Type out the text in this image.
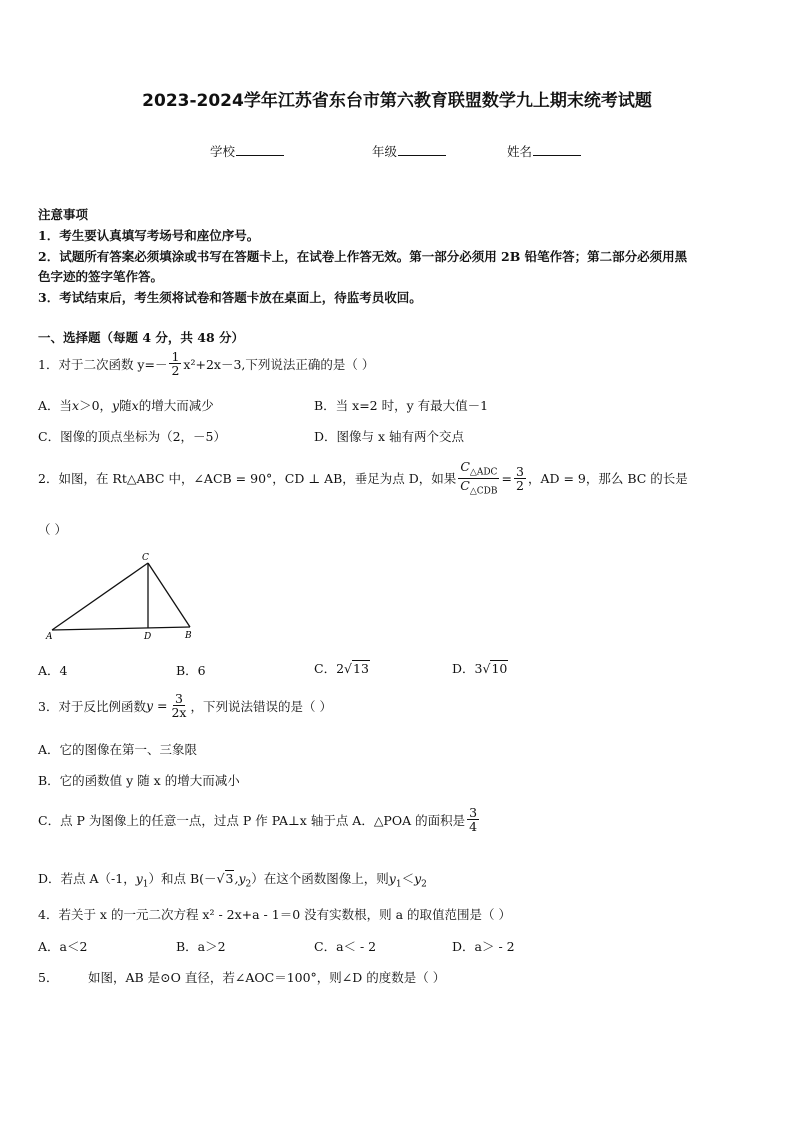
2023-2024学年江苏省东台市第六教育联盟数学九上期末统考试题
学校	年级	姓名
注意事项
1．考生要认真填写考场号和座位序号。
2．试题所有答案必须填涂或书写在答题卡上，在试卷上作答无效。第一部分必须用 2B 铅笔作答；第二部分必须用黑
色字迹的签字笔作答。
3．考试结束后，考生须将试卷和答题卡放在桌面上，待监考员收回。
一、选择题（每题 4 分，共 48 分）
1．对于二次函数 $y=- \frac{1}{2} x^2+2x-3$,下列说法正确的是（ ）
A．当x＞0，y随x的增大而减少	B．当 x=2 时，y 有最大值－1
C．图像的顶点坐标为（2，－5）	D．图像与 x 轴有两个交点
2．如图，在 Rt△ABC 中，∠ACB = 90°，CD ⊥ AB，垂足为点 D，如果 $\frac{C_{\triangle ADC}}{C_{\triangle CDB}} = \frac{3}{2}$ ，AD = 9，那么 BC 的长是
（ ）
C
A	D	B
A．4	B．6	C．2√13	D．3√10
3．对于反比例函数 $y = \frac{3}{2x}$ ，下列说法错误的是（ ）
A．它的图像在第一、三象限
B．它的函数值 y 随 x 的增大而减小
C．点 P 为图像上的任意一点，过点 P 作 PA⊥x 轴于点 A．△POA 的面积是 $\frac{3}{4}$
D．若点 A（-1，$y_1$）和点 $B(-√3,y_2)$在这个函数图像上，则$y_1<y_2$
4．若关于 x 的一元二次方程 x² - 2x+a - 1＝0 没有实数根，则 a 的取值范围是（ ）
A．a＜2	B．a＞2	C．a＜ - 2	D．a＞ - 2
5． 如图，AB 是⊙O 直径，若∠AOC＝100°，则∠D 的度数是（ ）
